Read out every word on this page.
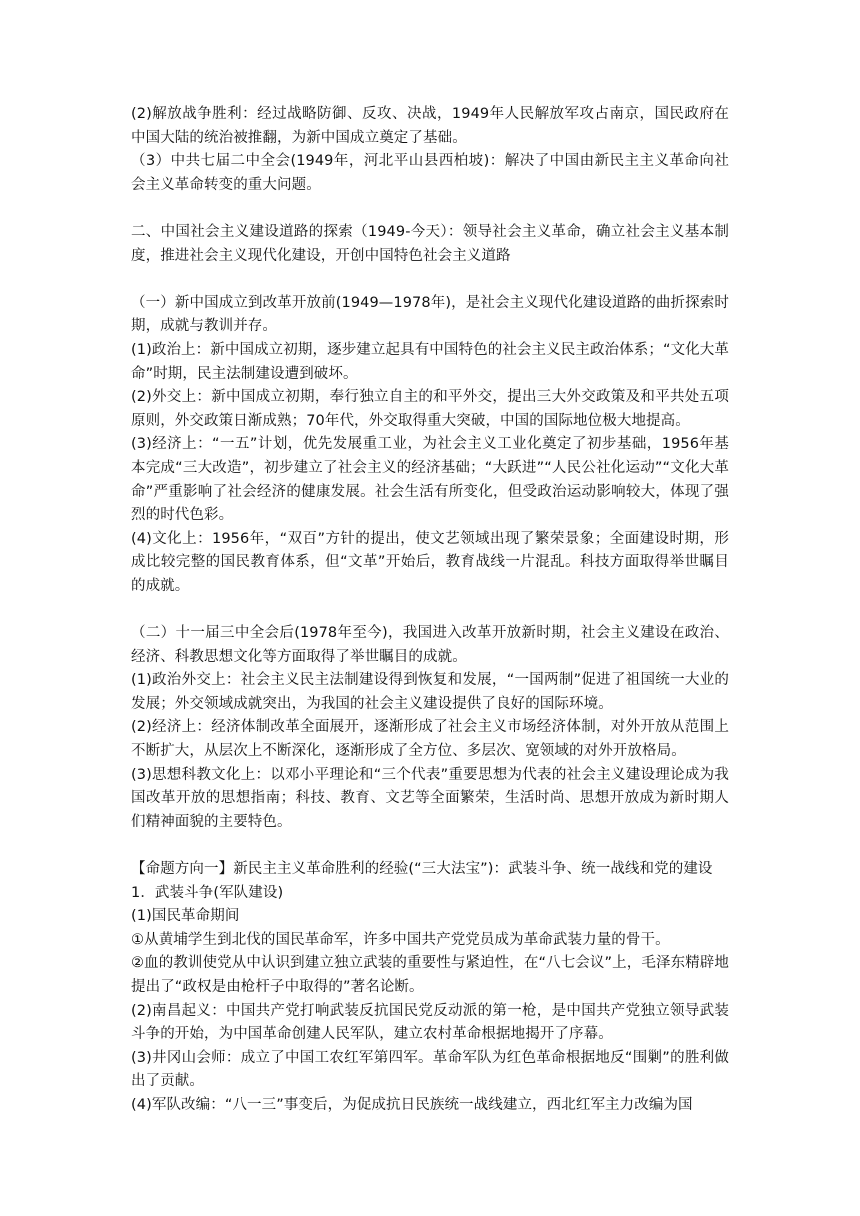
(2)解放战争胜利：经过战略防御、反攻、决战，1949年人民解放军攻占南京，国民政府在中国大陆的统治被推翻，为新中国成立奠定了基础。

（3）中共七届二中全会(1949年，河北平山县西柏坡)：解决了中国由新民主主义革命向社会主义革命转变的重大问题。

二、中国社会主义建设道路的探索（1949-今天）：领导社会主义革命，确立社会主义基本制度，推进社会主义现代化建设，开创中国特色社会主义道路

（一）新中国成立到改革开放前(1949—1978年)，是社会主义现代化建设道路的曲折探索时期，成就与教训并存。

(1)政治上：新中国成立初期，逐步建立起具有中国特色的社会主义民主政治体系；“文化大革命”时期，民主法制建设遭到破坏。

(2)外交上：新中国成立初期，奉行独立自主的和平外交，提出三大外交政策及和平共处五项原则，外交政策日渐成熟；70年代，外交取得重大突破，中国的国际地位极大地提高。

(3)经济上：“一五”计划，优先发展重工业，为社会主义工业化奠定了初步基础，1956年基本完成“三大改造”，初步建立了社会主义的经济基础；“大跃进”“人民公社化运动”“文化大革命”严重影响了社会经济的健康发展。社会生活有所变化，但受政治运动影响较大，体现了强烈的时代色彩。

(4)文化上：1956年，“双百”方针的提出，使文艺领域出现了繁荣景象；全面建设时期，形成比较完整的国民教育体系，但“文革”开始后，教育战线一片混乱。科技方面取得举世瞩目的成就。

（二）十一届三中全会后(1978年至今)，我国进入改革开放新时期，社会主义建设在政治、经济、科教思想文化等方面取得了举世瞩目的成就。

(1)政治外交上：社会主义民主法制建设得到恢复和发展，“一国两制”促进了祖国统一大业的发展；外交领域成就突出，为我国的社会主义建设提供了良好的国际环境。

(2)经济上：经济体制改革全面展开，逐渐形成了社会主义市场经济体制，对外开放从范围上不断扩大，从层次上不断深化，逐渐形成了全方位、多层次、宽领域的对外开放格局。

(3)思想科教文化上：以邓小平理论和“三个代表”重要思想为代表的社会主义建设理论成为我国改革开放的思想指南；科技、教育、文艺等全面繁荣，生活时尚、思想开放成为新时期人们精神面貌的主要特色。

【命题方向一】新民主主义革命胜利的经验(“三大法宝”)：武装斗争、统一战线和党的建设

1．武装斗争(军队建设)

(1)国民革命期间

①从黄埔学生到北伐的国民革命军，许多中国共产党党员成为革命武装力量的骨干。

②血的教训使党从中认识到建立独立武装的重要性与紧迫性，在“八七会议”上，毛泽东精辟地提出了“政权是由枪杆子中取得的”著名论断。

(2)南昌起义：中国共产党打响武装反抗国民党反动派的第一枪，是中国共产党独立领导武装斗争的开始，为中国革命创建人民军队，建立农村革命根据地揭开了序幕。

(3)井冈山会师：成立了中国工农红军第四军。革命军队为红色革命根据地反“围剿”的胜利做出了贡献。

(4)军队改编：“八一三”事变后，为促成抗日民族统一战线建立，西北红军主力改编为国
